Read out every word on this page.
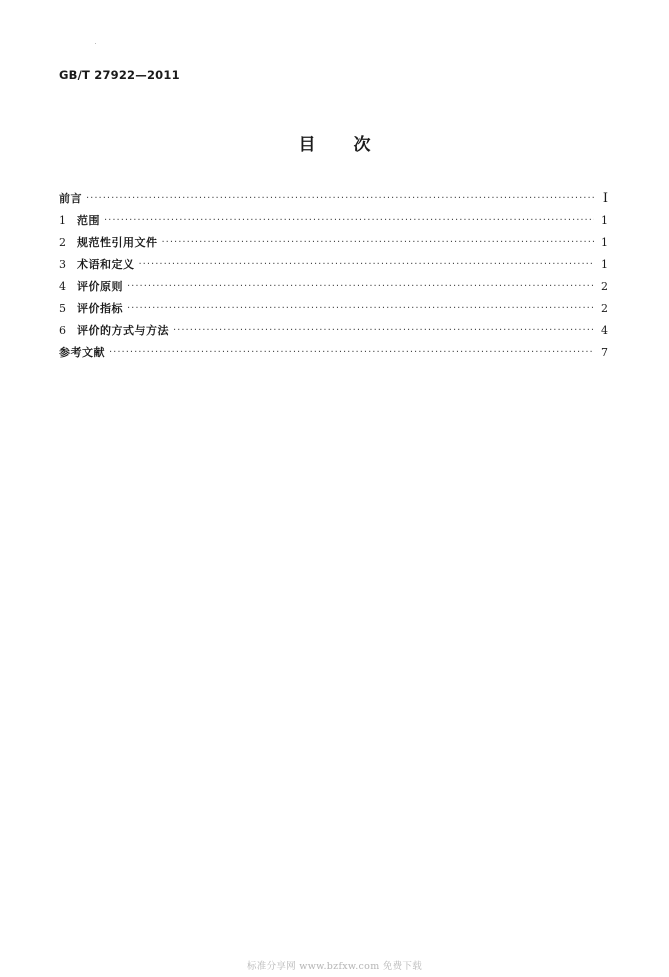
GB/T 27922—2011
目次
前言 ·····	Ⅰ
1	范围 ·····	1
2	规范性引用文件 ·····	1
3	术语和定义 ·····	1
4	评价原则 ·····	2
5	评价指标 ·····	2
6	评价的方式与方法 ·····	4
参考文献 ·····	7
标准分享网 www.bzfxw.com 免费下载
